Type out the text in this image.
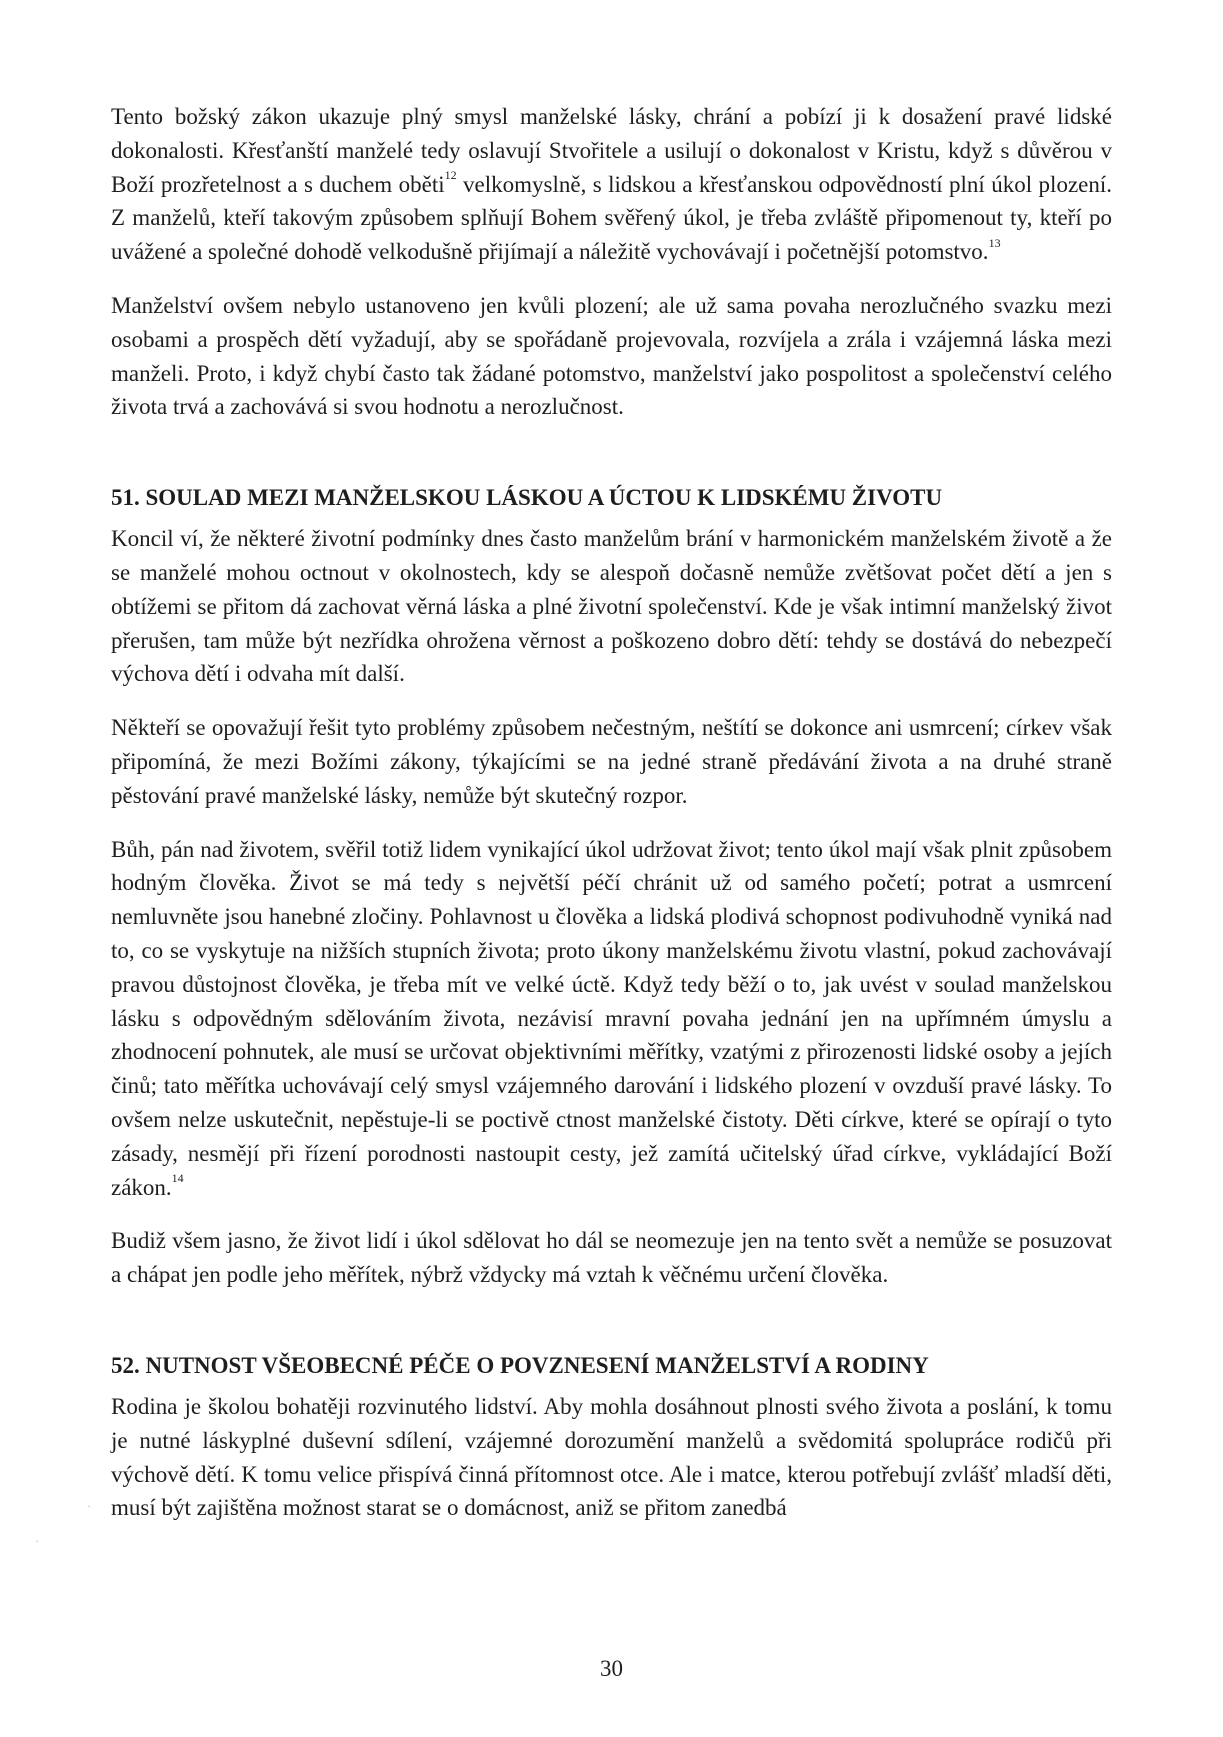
Tento božský zákon ukazuje plný smysl manželské lásky, chrání a pobízí ji k dosažení pravé lidské dokonalosti. Křesťanští manželé tedy oslavují Stvořitele a usilují o dokonalost v Kristu, když s důvěrou v Boží prozřetelnost a s duchem oběti$^{12}$ velkomyslně, s lidskou a křesťanskou odpovědností plní úkol plození. Z manželů, kteří takovým způsobem splňují Bohem svěřený úkol, je třeba zvláště připomenout ty, kteří po uvážené a společné dohodě velkodušně přijímají a náležitě vychovávají i početnější potomstvo.$^{13}$

Manželství ovšem nebylo ustanoveno jen kvůli plození; ale už sama povaha nerozlučného svazku mezi osobami a prospěch dětí vyžadují, aby se spořádaně projevovala, rozvíjela a zrála i vzájemná láska mezi manželi. Proto, i když chybí často tak žádané potomstvo, manželství jako pospolitost a společenství celého života trvá a zachovává si svou hodnotu a nerozlučnost.

51. SOULAD MEZI MANŽELSKOU LÁSKOU A ÚCTOU K LIDSKÉMU ŽIVOTU

Koncil ví, že některé životní podmínky dnes často manželům brání v harmonickém manželském životě a že se manželé mohou octnout v okolnostech, kdy se alespoň dočasně nemůže zvětšovat počet dětí a jen s obtížemi se přitom dá zachovat věrná láska a plné životní společenství. Kde je však intimní manželský život přerušen, tam může být nezřídka ohrožena věrnost a poškozeno dobro dětí: tehdy se dostává do nebezpečí výchova dětí i odvaha mít další.

Někteří se opovažují řešit tyto problémy způsobem nečestným, neštítí se dokonce ani usmrcení; církev však připomíná, že mezi Božími zákony, týkajícími se na jedné straně předávání života a na druhé straně pěstování pravé manželské lásky, nemůže být skutečný rozpor.

Bůh, pán nad životem, svěřil totiž lidem vynikající úkol udržovat život; tento úkol mají však plnit způsobem hodným člověka. Život se má tedy s největší péčí chránit už od samého početí; potrat a usmrcení nemluvněte jsou hanebné zločiny. Pohlavnost u člověka a lidská plodivá schopnost podivuhodně vyniká nad to, co se vyskytuje na nižších stupních života; proto úkony manželskému životu vlastní, pokud zachovávají pravou důstojnost člověka, je třeba mít ve velké úctě. Když tedy běží o to, jak uvést v soulad manželskou lásku s odpovědným sdělováním života, nezávisí mravní povaha jednání jen na upřímném úmyslu a zhodnocení pohnutek, ale musí se určovat objektivními měřítky, vzatými z přirozenosti lidské osoby a jejích činů; tato měřítka uchovávají celý smysl vzájemného darování i lidského plození v ovzduší pravé lásky. To ovšem nelze uskutečnit, nepěstuje-li se poctivě ctnost manželské čistoty. Děti církve, které se opírají o tyto zásady, nesmějí při řízení porodnosti nastoupit cesty, jež zamítá učitelský úřad církve, vykládající Boží zákon.$^{14}$

Budiž všem jasno, že život lidí i úkol sdělovat ho dál se neomezuje jen na tento svět a nemůže se posuzovat a chápat jen podle jeho měřítek, nýbrž vždycky má vztah k věčnému určení člověka.

52. NUTNOST VŠEOBECNÉ PÉČE O POVZNESENÍ MANŽELSTVÍ A RODINY

Rodina je školou bohatěji rozvinutého lidství. Aby mohla dosáhnout plnosti svého života a poslání, k tomu je nutné láskyplné duševní sdílení, vzájemné dorozumění manželů a svědomitá spolupráce rodičů při výchově dětí. K tomu velice přispívá činná přítomnost otce. Ale i matce, kterou potřebují zvlášť mladší děti, musí být zajištěna možnost starat se o domácnost, aniž se přitom zanedbá

·
·
30
